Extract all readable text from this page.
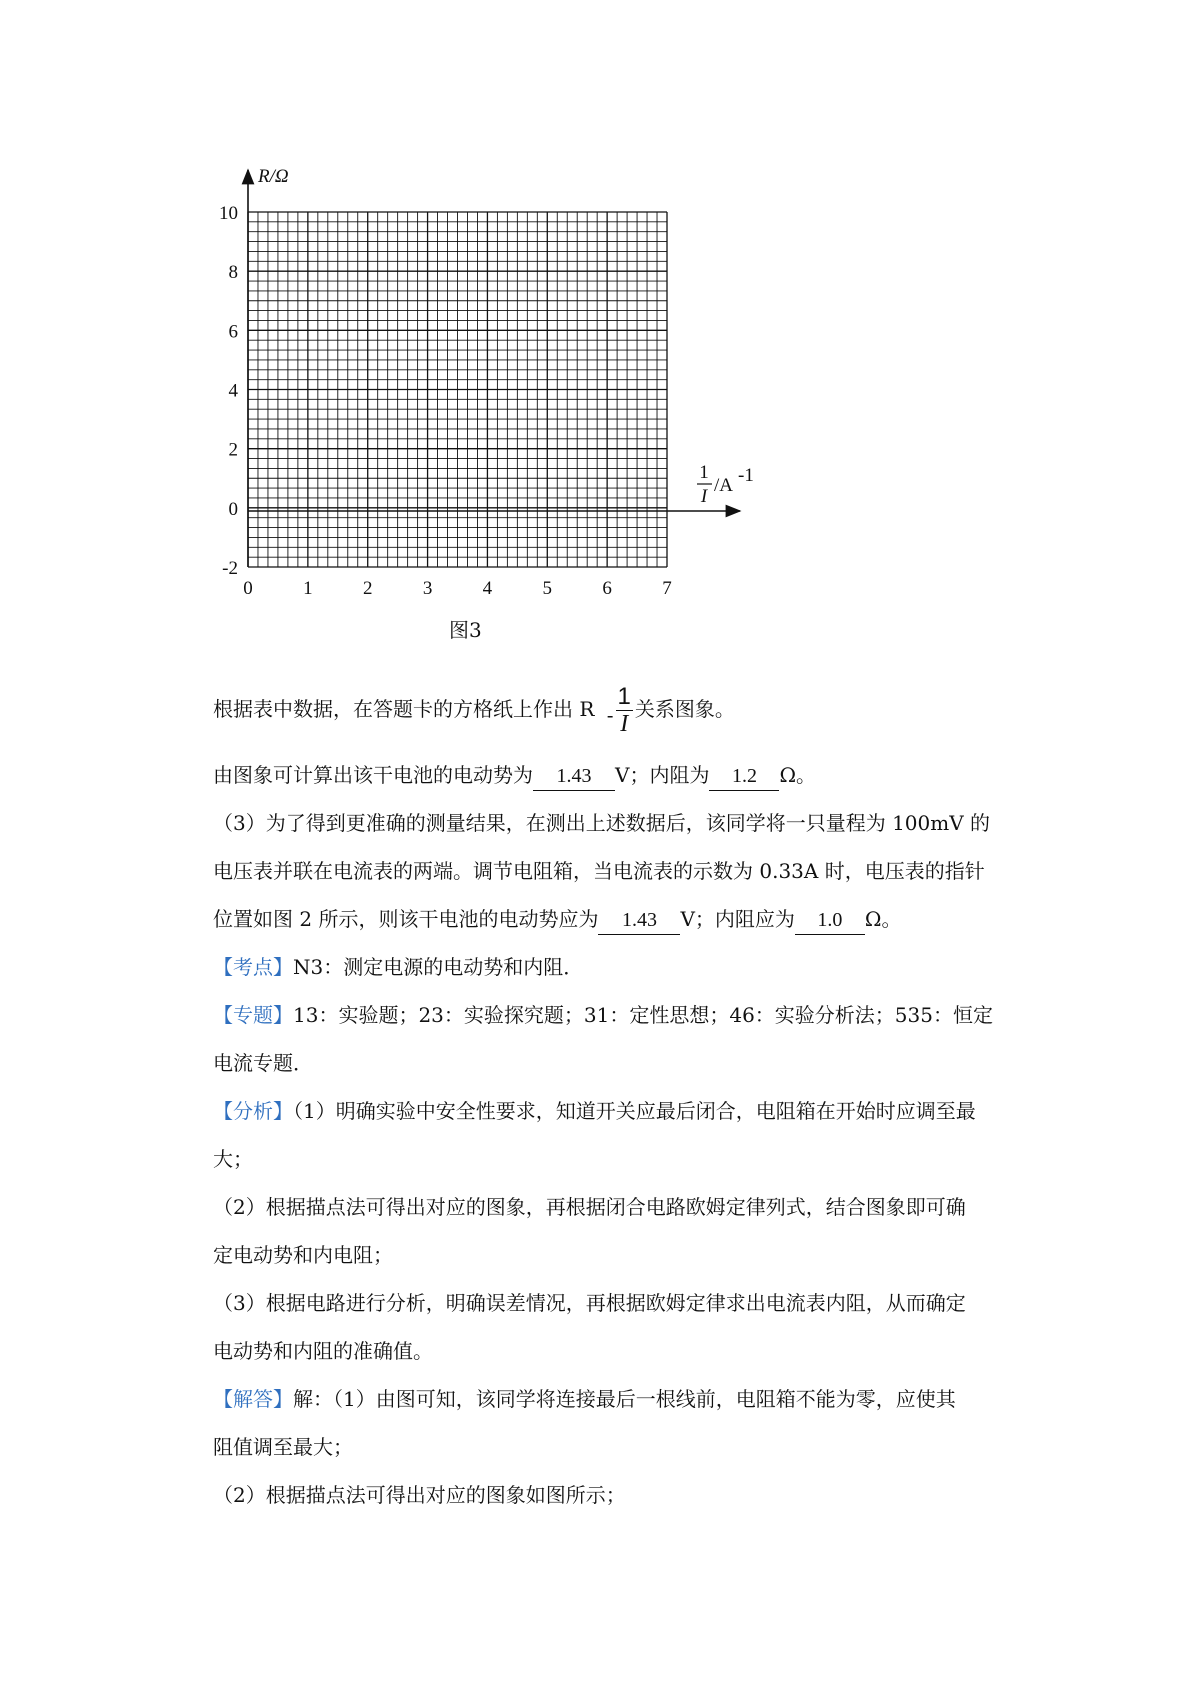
10
8
6
4
2
0
-2
0	1	2	3	4	5	6	7
R/Ω
1
I
/A -1
图3
根据表中数据，在答题卡的方格纸上作出 R - $\frac{1}{I}$ 关系图象。
由图象可计算出该干电池的电动势为 1.43 V；内阻为 1.2 Ω。
（3）为了得到更准确的测量结果，在测出上述数据后，该同学将一只量程为 100mV 的
电压表并联在电流表的两端。调节电阻箱，当电流表的示数为 0.33A 时，电压表的指针
位置如图 2 所示，则该干电池的电动势应为 1.43 V；内阻应为 1.0 Ω。
【考点】N3：测定电源的电动势和内阻．
【专题】13：实验题；23：实验探究题；31：定性思想；46：实验分析法；535：恒定
电流专题．
【分析】（1）明确实验中安全性要求，知道开关应最后闭合，电阻箱在开始时应调至最
大；
（2）根据描点法可得出对应的图象，再根据闭合电路欧姆定律列式，结合图象即可确
定电动势和内电阻；
（3）根据电路进行分析，明确误差情况，再根据欧姆定律求出电流表内阻，从而确定
电动势和内阻的准确值。
【解答】解：（1）由图可知，该同学将连接最后一根线前，电阻箱不能为零，应使其
阻值调至最大；
（2）根据描点法可得出对应的图象如图所示；
